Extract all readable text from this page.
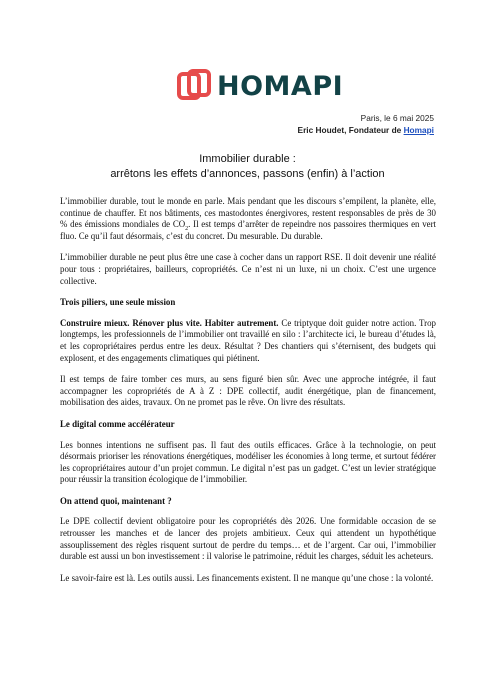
HOMAPI
Paris, le 6 mai 2025
Eric Houdet, Fondateur de Homapi
Immobilier durable :
arrêtons les effets d’annonces, passons (enfin) à l’action

L’immobilier durable, tout le monde en parle. Mais pendant que les discours s’empilent, la planète, elle, continue de chauffer. Et nos bâtiments, ces mastodontes énergivores, restent responsables de près de 30 % des émissions mondiales de $CO_2$. Il est temps d’arrêter de repeindre nos passoires thermiques en vert fluo. Ce qu’il faut désormais, c’est du concret. Du mesurable. Du durable.

L’immobilier durable ne peut plus être une case à cocher dans un rapport RSE. Il doit devenir une réalité pour tous : propriétaires, bailleurs, copropriétés. Ce n’est ni un luxe, ni un choix. C’est une urgence collective.

Trois piliers, une seule mission

Construire mieux. Rénover plus vite. Habiter autrement. Ce triptyque doit guider notre action. Trop longtemps, les professionnels de l’immobilier ont travaillé en silo : l’architecte ici, le bureau d’études là, et les copropriétaires perdus entre les deux. Résultat ? Des chantiers qui s’éternisent, des budgets qui explosent, et des engagements climatiques qui piétinent.

Il est temps de faire tomber ces murs, au sens figuré bien sûr. Avec une approche intégrée, il faut accompagner les copropriétés de A à Z : DPE collectif, audit énergétique, plan de financement, mobilisation des aides, travaux. On ne promet pas le rêve. On livre des résultats.

Le digital comme accélérateur

Les bonnes intentions ne suffisent pas. Il faut des outils efficaces. Grâce à la technologie, on peut désormais prioriser les rénovations énergétiques, modéliser les économies à long terme, et surtout fédérer les copropriétaires autour d’un projet commun. Le digital n’est pas un gadget. C’est un levier stratégique pour réussir la transition écologique de l’immobilier.

On attend quoi, maintenant ?

Le DPE collectif devient obligatoire pour les copropriétés dès 2026. Une formidable occasion de se retrousser les manches et de lancer des projets ambitieux. Ceux qui attendent un hypothétique assouplissement des règles risquent surtout de perdre du temps… et de l’argent. Car oui, l’immobilier durable est aussi un bon investissement : il valorise le patrimoine, réduit les charges, séduit les acheteurs.

Le savoir-faire est là. Les outils aussi. Les financements existent. Il ne manque qu’une chose : la volonté.
